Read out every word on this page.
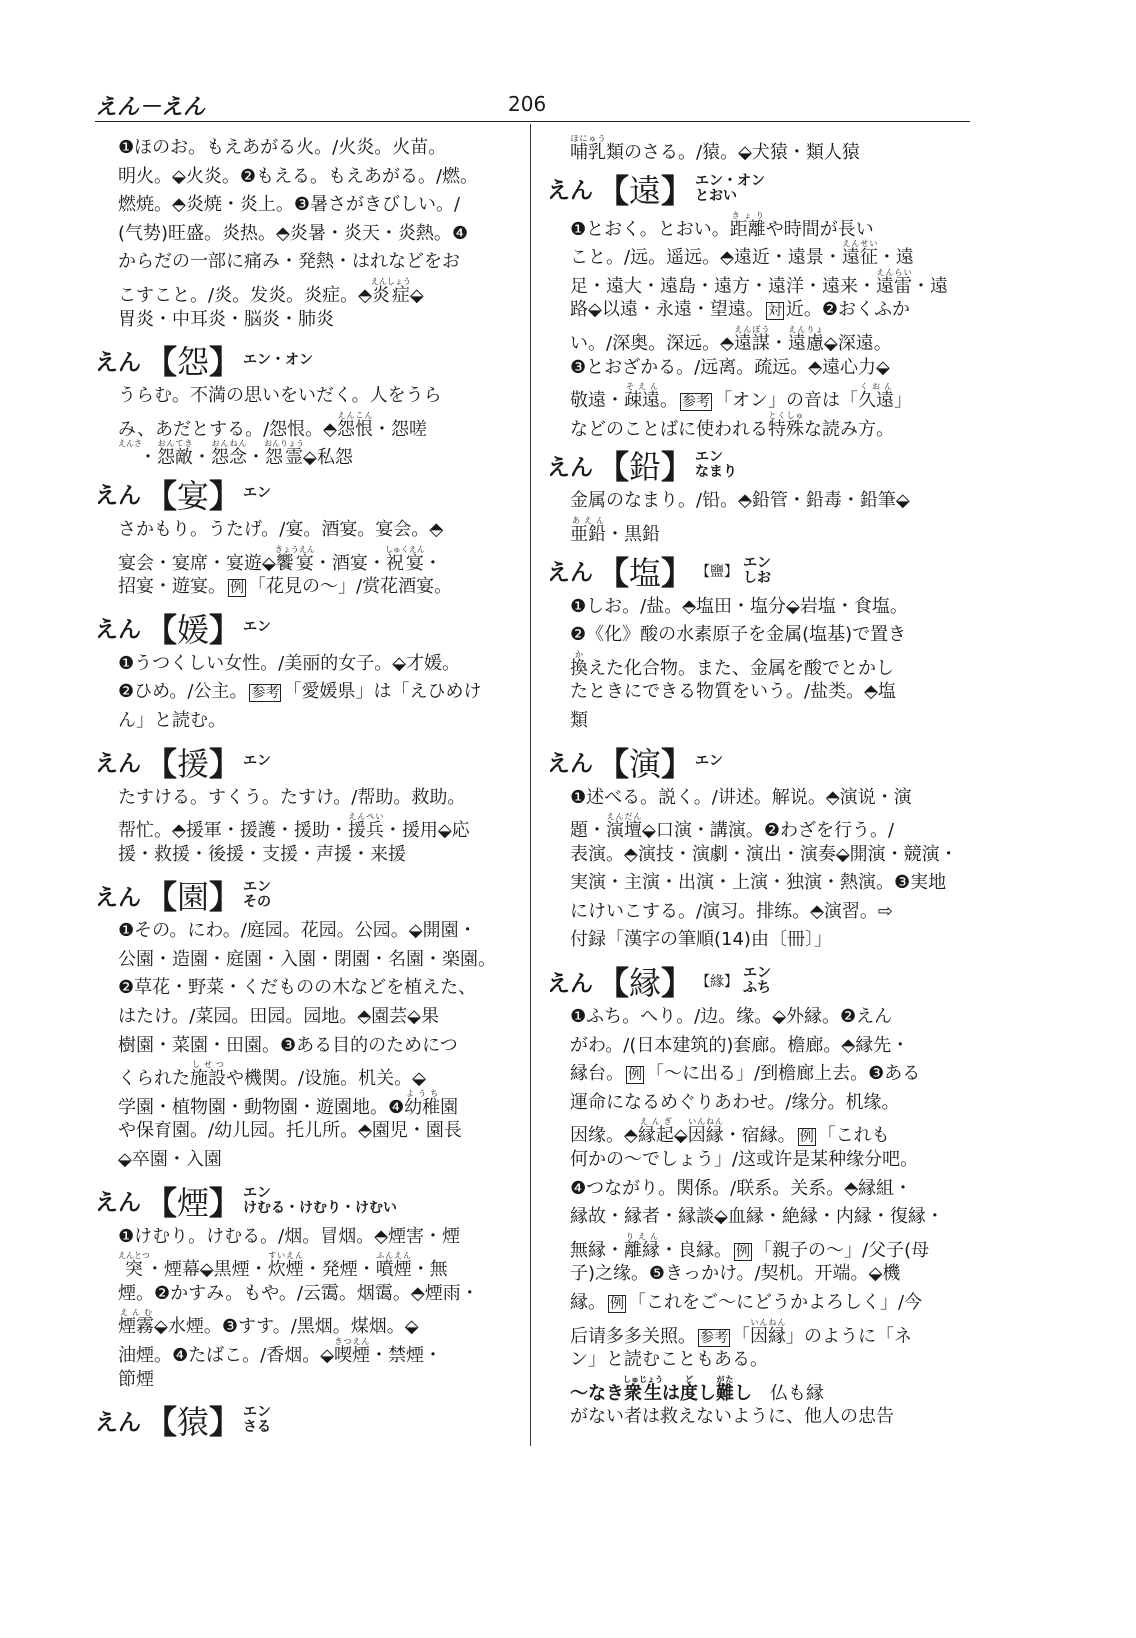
えん－えん	206
❶ほのお。もえあがる火。/火炎。火苗。
明火。⬙火炎。❷もえる。もえあがる。/燃。
燃焼。⬘炎焼・炎上。❸暑さがきびしい。/
(气势)旺盛。炎热。⬘炎暑・炎天・炎熱。❹
からだの一部に痛み・発熱・はれなどをお
こすこと。/炎。发炎。炎症。⬘炎症えんしょう⬙
胃炎・中耳炎・脳炎・肺炎
えん 【 怨 】 エン・オン
うらむ。不満の思いをいだく。人をうら
み、あだとする。/怨恨。⬘怨恨えんこん・怨嗟
　えんさ・怨敵おんてき・怨念おんねん・怨霊おんりょう⬙私怨
えん 【 宴 】 エン
さかもり。うたげ。/宴。酒宴。宴会。⬘
宴会・宴席・宴遊⬙饗宴きょうえん・酒宴・祝宴しゅくえん・
招宴・遊宴。 例 「花見の～」/赏花酒宴。
えん 【 媛 】 エン
❶うつくしい女性。/美丽的女子。⬙才媛。
❷ひめ。/公主。 参考 「愛媛県」は「えひめけ
ん」と読む。
えん 【 援 】 エン
たすける。すくう。たすけ。/帮助。救助。
帮忙。⬘援軍・援護・援助・援兵えんぺい・援用⬙応
援・救援・後援・支援・声援・来援
えん 【 園 】 エン
その
❶その。にわ。/庭园。花园。公园。⬙開園・
公園・造園・庭園・入園・閉園・名園・楽園。
❷草花・野菜・くだものの木などを植えた、
はたけ。/菜园。田园。园地。⬘園芸⬙果
樹園・菜園・田園。❸ある目的のためにつ
くられた施設しせつや機関。/设施。机关。⬙
学園・植物園・動物園・遊園地。❹幼稚ようち園
や保育園。/幼儿园。托儿所。⬘園児・園長
⬙卒園・入園
えん 【 煙 】 エン
けむる・けむり・けむい
❶けむり。けむる。/烟。冒烟。⬘煙害・煙
突えんとつ・煙幕⬙黒煙・炊煙すいえん・発煙・噴煙ふんえん・無
煙。❷かすみ。もや。/云霭。烟霭。⬘煙雨・
煙霧えんむ⬙水煙。❸すす。/黑烟。煤烟。⬙
油煙。❹たばこ。/香烟。⬙喫煙きつえん・禁煙・
節煙
えん 【 猿 】 エン
さる
哺乳ほにゅう類のさる。/猿。⬙犬猿・類人猿
えん 【 遠 】 エン・オン
とおい
❶とおく。とおい。距離きょりや時間が長い
こと。/远。遥远。⬘遠近・遠景・遠征えんせい・遠
足・遠大・遠島・遠方・遠洋・遠来・遠雷えんらい・遠
路⬙以遠・永遠・望遠。 対 近。❷おくふか
い。/深奥。深远。⬘遠謀えんぼう・遠慮えんりょ⬙深遠。
❸とおざかる。/远离。疏远。⬘遠心力⬙
敬遠・疎遠そえん。 参考 「オン」の音は「久遠くおん」
などのことばに使われる特殊とくしゅな読み方。
えん 【 鉛 】 エン
なまり
金属のなまり。/铅。⬘鉛管・鉛毒・鉛筆⬙
亜鉛あえん・黒鉛
えん 【 塩 】 【鹽】
エン
しお
❶しお。/盐。⬘塩田・塩分⬙岩塩・食塩。
❷《化》酸の水素原子を金属(塩基)で置き
換かえた化合物。また、金属を酸でとかし
たときにできる物質をいう。/盐类。⬘塩
類
えん 【 演 】 エン
❶述べる。説く。/讲述。解说。⬘演说・演
題・演壇えんだん⬙口演・講演。❷わざを行う。/
表演。⬘演技・演劇・演出・演奏⬙開演・競演・
実演・主演・出演・上演・独演・熱演。❸実地
にけいこする。/演习。排练。⬘演習。⇨
付録「漢字の筆順(14)由〔冊〕」
えん 【 縁 】 【緣】
エン
ふち
❶ふち。へり。/边。缘。⬙外縁。❷えん
がわ。/(日本建筑的)套廊。檐廊。⬘縁先・
縁台。 例 「～に出る」/到檐廊上去。❸ある
運命になるめぐりあわせ。/缘分。机缘。
因缘。⬘縁起えんぎ⬙因縁いんねん・宿縁。 例 「これも
何かの～でしょう」/这或许是某种缘分吧。
❹つながり。関係。/联系。关系。⬘縁組・
縁故・縁者・縁談⬙血縁・絶縁・内縁・復縁・
無縁・離縁りえん・良縁。 例 「親子の～」/父子(母
子)之缘。❺きっかけ。/契机。开端。⬙機
縁。 例 「これをご～にどうかよろしく」/今
后请多多关照。 参考 「因縁いんねん」のように「ネ
ン」と読むこともある。
～なき衆生しゅじょうは度どし難がたし　仏も縁
がない者は救えないように、他人の忠告
